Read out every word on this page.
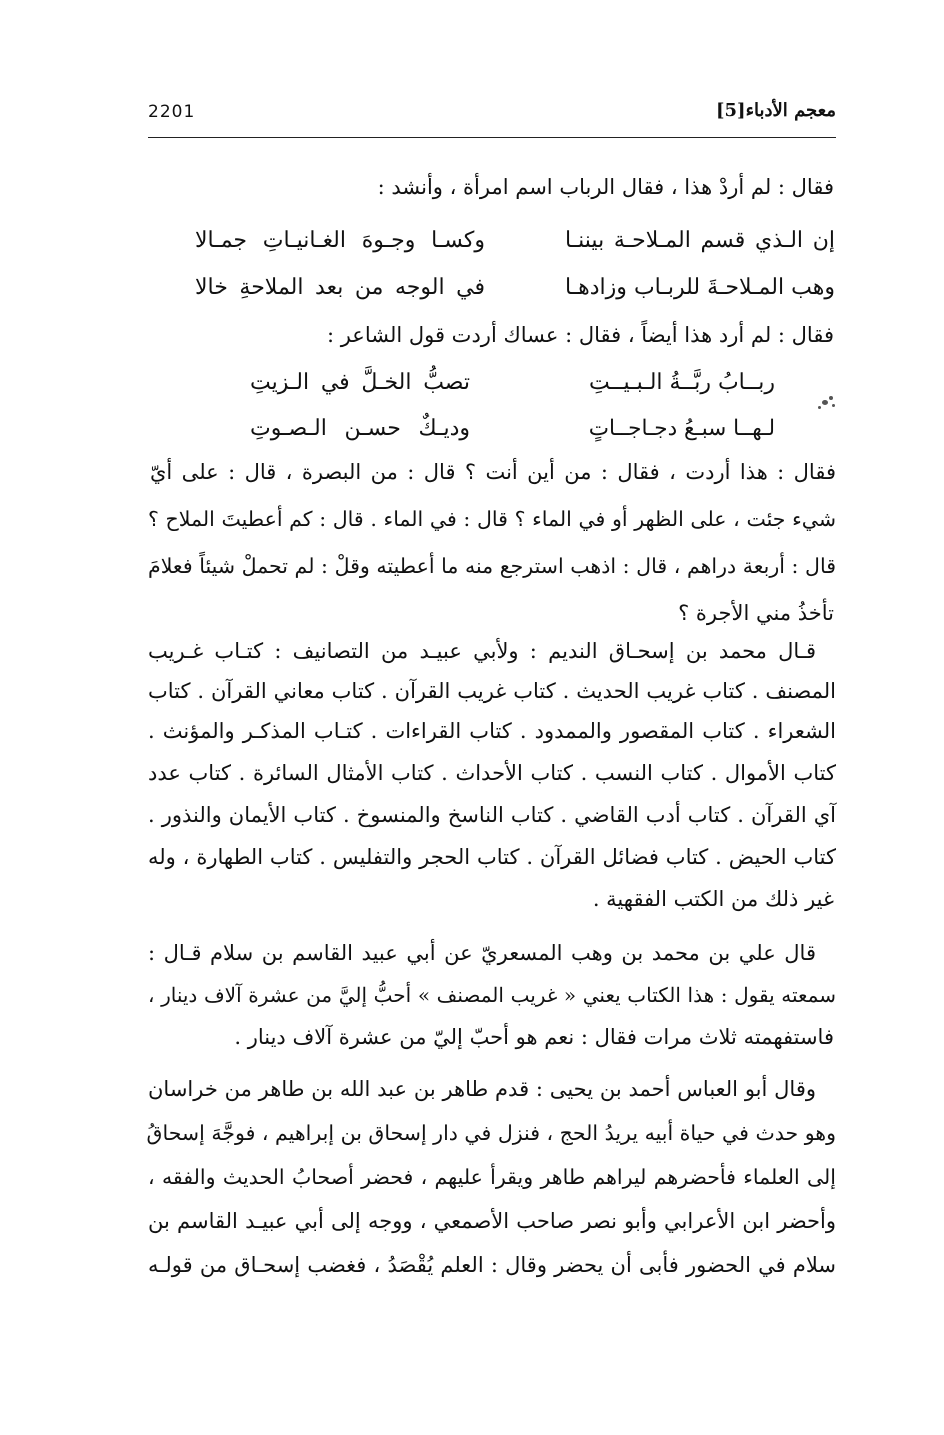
2201	معجم الأدباء[5]
فقال : لم أردْ هذا ، فقال الرباب اسم امرأة ، وأنشد :
إن الـذي قسم المـلاحـة بيننـا
وكسـا وجـوهَ الغـانيـاتِ جمـالا
وهب المـلاحـةَ للربـاب وزادهـا
في الوجه من بعد الملاحةِ خالا
فقال : لم أرد هذا أيضاً ، فقال : عساك أردت قول الشاعر :
ربــابُ ربَّــةُ الـبـيــتِ
تصبُّ الخـلَّ في الـزيتِ
لـهــا سبـعُ دجـاجــاتٍ
وديـكٌ حسـن الـصـوتِ
فقال : هذا أردت ، فقال : من أين أنت ؟ قال : من البصرة ، قال : على أيّ
شيء جئت ، على الظهر أو في الماء ؟ قال : في الماء . قال : كم أعطيتَ الملاح ؟
قال : أربعة دراهم ، قال : اذهب استرجع منه ما أعطيته وقلْ : لم تحملْ شيئاً فعلامَ
تأخذُ مني الأجرة ؟
قـال محمد بن إسحـاق النديم : ولأبي عبيـد من التصانيف : كتـاب غـريب
المصنف . كتاب غريب الحديث . كتاب غريب القرآن . كتاب معاني القرآن . كتاب
الشعراء . كتاب المقصور والممدود . كتاب القراءات . كتـاب المذكـر والمؤنث .
كتاب الأموال . كتاب النسب . كتاب الأحداث . كتاب الأمثال السائرة . كتاب عدد
آي القرآن . كتاب أدب القاضي . كتاب الناسخ والمنسوخ . كتاب الأيمان والنذور .
كتاب الحيض . كتاب فضائل القرآن . كتاب الحجر والتفليس . كتاب الطهارة ، وله
غير ذلك من الكتب الفقهية .
قال علي بن محمد بن وهب المسعريّ عن أبي عبيد القاسم بن سلام قـال :
سمعته يقول : هذا الكتاب يعني « غريب المصنف » أحبُّ إليَّ من عشرة آلاف دينار ،
فاستفهمته ثلاث مرات فقال : نعم هو أحبّ إليّ من عشرة آلاف دينار .
وقال أبو العباس أحمد بن يحيى : قدم طاهر بن عبد الله بن طاهر من خراسان
وهو حدث في حياة أبيه يريدُ الحج ، فنزل في دار إسحاق بن إبراهيم ، فوجَّهَ إسحاقُ
إلى العلماء فأحضرهم ليراهم طاهر ويقرأ عليهم ، فحضر أصحابُ الحديث والفقه ،
وأحضر ابن الأعرابي وأبو نصر صاحب الأصمعي ، ووجه إلى أبي عبيـد القاسم بن
سلام في الحضور فأبى أن يحضر وقال : العلم يُقْصَدُ ، فغضب إسحـاق من قولـه
